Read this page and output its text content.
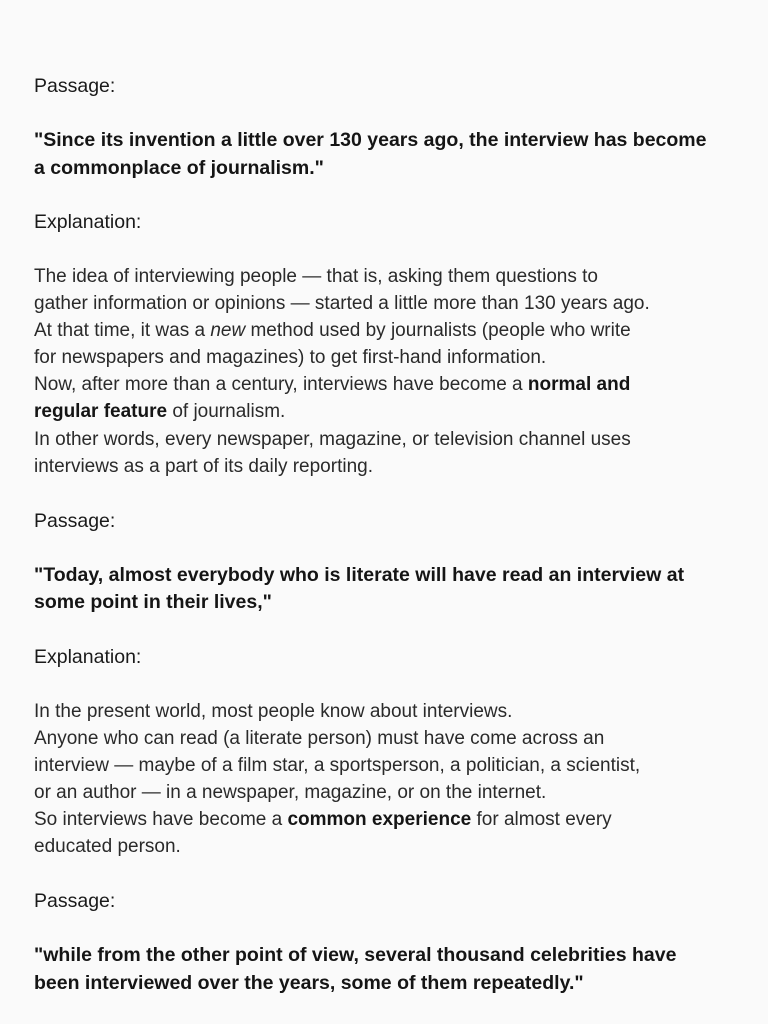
Passage:
"Since its invention a little over 130 years ago, the interview has become
a commonplace of journalism."
Explanation:
The idea of interviewing people — that is, asking them questions to
gather information or opinions — started a little more than 130 years ago.
At that time, it was a new method used by journalists (people who write
for newspapers and magazines) to get first-hand information.
Now, after more than a century, interviews have become a normal and
regular feature of journalism.
In other words, every newspaper, magazine, or television channel uses
interviews as a part of its daily reporting.
Passage:
"Today, almost everybody who is literate will have read an interview at
some point in their lives,"
Explanation:
In the present world, most people know about interviews.
Anyone who can read (a literate person) must have come across an
interview — maybe of a film star, a sportsperson, a politician, a scientist,
or an author — in a newspaper, magazine, or on the internet.
So interviews have become a common experience for almost every
educated person.
Passage:
"while from the other point of view, several thousand celebrities have
been interviewed over the years, some of them repeatedly."
